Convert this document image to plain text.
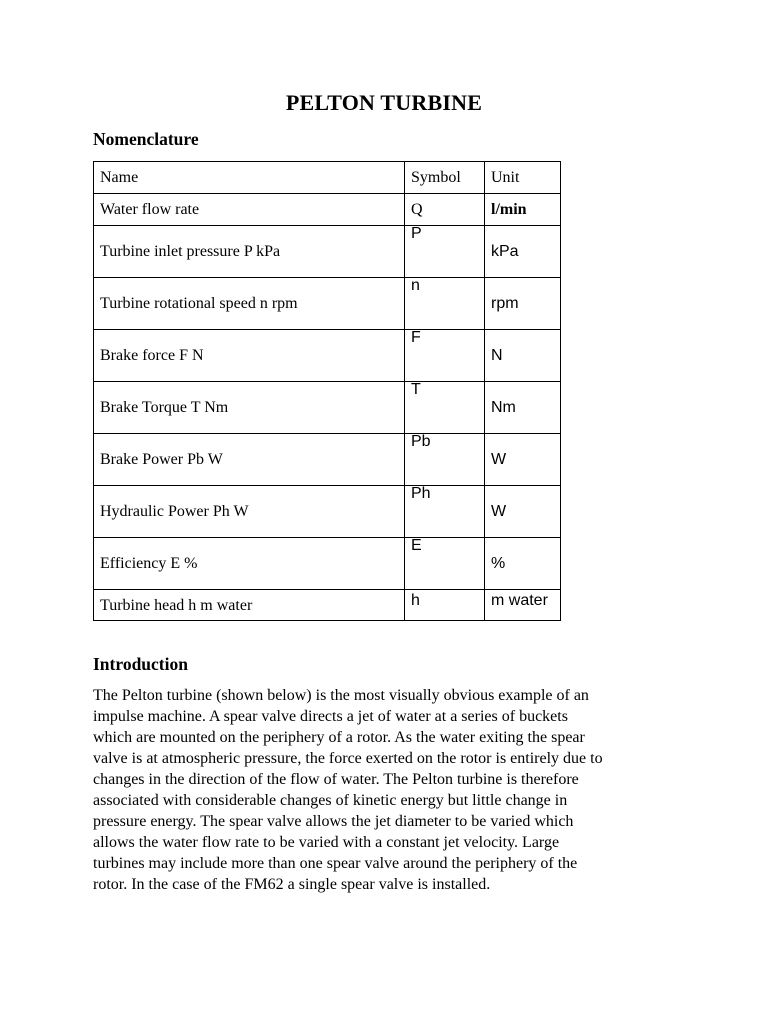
PELTON TURBINE
Nomenclature
Name	Symbol	Unit
Water flow rate	Q	l/min
Turbine inlet pressure P kPa	P	kPa
Turbine rotational speed n rpm	n	rpm
Brake force F N	F	N
Brake Torque T Nm	T	Nm
Brake Power Pb W	Pb	W
Hydraulic Power Ph W	Ph	W
Efficiency E %	E	%
Turbine head h m water	h	m water
Introduction
The Pelton turbine (shown below) is the most visually obvious example of an
impulse machine. A spear valve directs a jet of water at a series of buckets
which are mounted on the periphery of a rotor. As the water exiting the spear
valve is at atmospheric pressure, the force exerted on the rotor is entirely due to
changes in the direction of the flow of water. The Pelton turbine is therefore
associated with considerable changes of kinetic energy but little change in
pressure energy. The spear valve allows the jet diameter to be varied which
allows the water flow rate to be varied with a constant jet velocity. Large
turbines may include more than one spear valve around the periphery of the
rotor. In the case of the FM62 a single spear valve is installed.
